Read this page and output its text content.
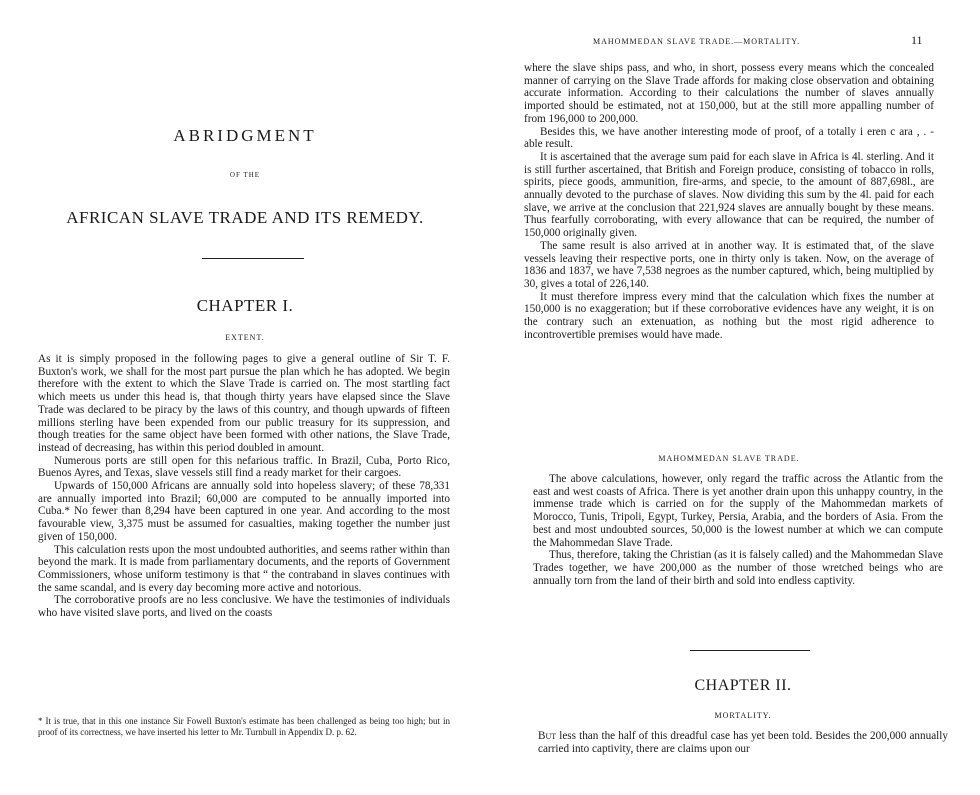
ABRIDGMENT
OF THE
AFRICAN SLAVE TRADE AND ITS REMEDY.
CHAPTER I.
EXTENT.

As it is simply proposed in the following pages to give a general outline of Sir T. F. Buxton's work, we shall for the most part pursue the plan which he has adopted. We begin therefore with the extent to which the Slave Trade is carried on. The most startling fact which meets us under this head is, that though thirty years have elapsed since the Slave Trade was declared to be piracy by the laws of this country, and though upwards of fifteen millions sterling have been expended from our public treasury for its suppression, and though treaties for the same object have been formed with other nations, the Slave Trade, instead of decreasing, has within this period doubled in amount.

Numerous ports are still open for this nefarious traffic. In Brazil, Cuba, Porto Rico, Buenos Ayres, and Texas, slave vessels still find a ready market for their cargoes.

Upwards of 150,000 Africans are annually sold into hopeless slavery; of these 78,331 are annually imported into Brazil; 60,000 are computed to be annually imported into Cuba.* No fewer than 8,294 have been captured in one year. And according to the most favourable view, 3,375 must be assumed for casualties, making together the number just given of 150,000.

This calculation rests upon the most undoubted authorities, and seems rather within than beyond the mark. It is made from parliamentary documents, and the reports of Government Commissioners, whose uniform testimony is that “ the contraband in slaves continues with the same scandal, and is every day becoming more active and notorious.

The corroborative proofs are no less conclusive. We have the testimonies of individuals who have visited slave ports, and lived on the coasts

* It is true, that in this one instance Sir Fowell Buxton's estimate has been challenged as being too high; but in proof of its correctness, we have inserted his letter to Mr. Turnbull in Appendix D. p. 62.
MAHOMMEDAN SLAVE TRADE.—MORTALITY.	11

where the slave ships pass, and who, in short, possess every means which the concealed manner of carrying on the Slave Trade affords for making close observation and obtaining accurate information. According to their calculations the number of slaves annually imported should be estimated, not at 150,000, but at the still more appalling number of from 196,000 to 200,000.

Besides this, we have another interesting mode of proof, of a totally i eren c ara , . - able result.

It is ascertained that the average sum paid for each slave in Africa is 4l. sterling. And it is still further ascertained, that British and Foreign produce, consisting of tobacco in rolls, spirits, piece goods, ammunition, fire-arms, and specie, to the amount of 887,698l., are annually devoted to the purchase of slaves. Now dividing this sum by the 4l. paid for each slave, we arrive at the conclusion that 221,924 slaves are annually bought by these means. Thus fearfully corroborating, with every allowance that can be required, the number of 150,000 originally given.

The same result is also arrived at in another way. It is estimated that, of the slave vessels leaving their respective ports, one in thirty only is taken. Now, on the average of 1836 and 1837, we have 7,538 negroes as the number captured, which, being multiplied by 30, gives a total of 226,140.

It must therefore impress every mind that the calculation which fixes the number at 150,000 is no exaggeration; but if these corroborative evidences have any weight, it is on the contrary such an extenuation, as nothing but the most rigid adherence to incontrovertible premises would have made.

MAHOMMEDAN SLAVE TRADE.

The above calculations, however, only regard the traffic across the Atlantic from the east and west coasts of Africa. There is yet another drain upon this unhappy country, in the immense trade which is carried on for the supply of the Mahommedan markets of Morocco, Tunis, Tripoli, Egypt, Turkey, Persia, Arabia, and the borders of Asia. From the best and most undoubted sources, 50,000 is the lowest number at which we can compute the Mahommedan Slave Trade.

Thus, therefore, taking the Christian (as it is falsely called) and the Mahommedan Slave Trades together, we have 200,000 as the number of those wretched beings who are annually torn from the land of their birth and sold into endless captivity.

CHAPTER II.
MORTALITY.

But less than the half of this dreadful case has yet been told. Besides the 200,000 annually carried into captivity, there are claims upon our
